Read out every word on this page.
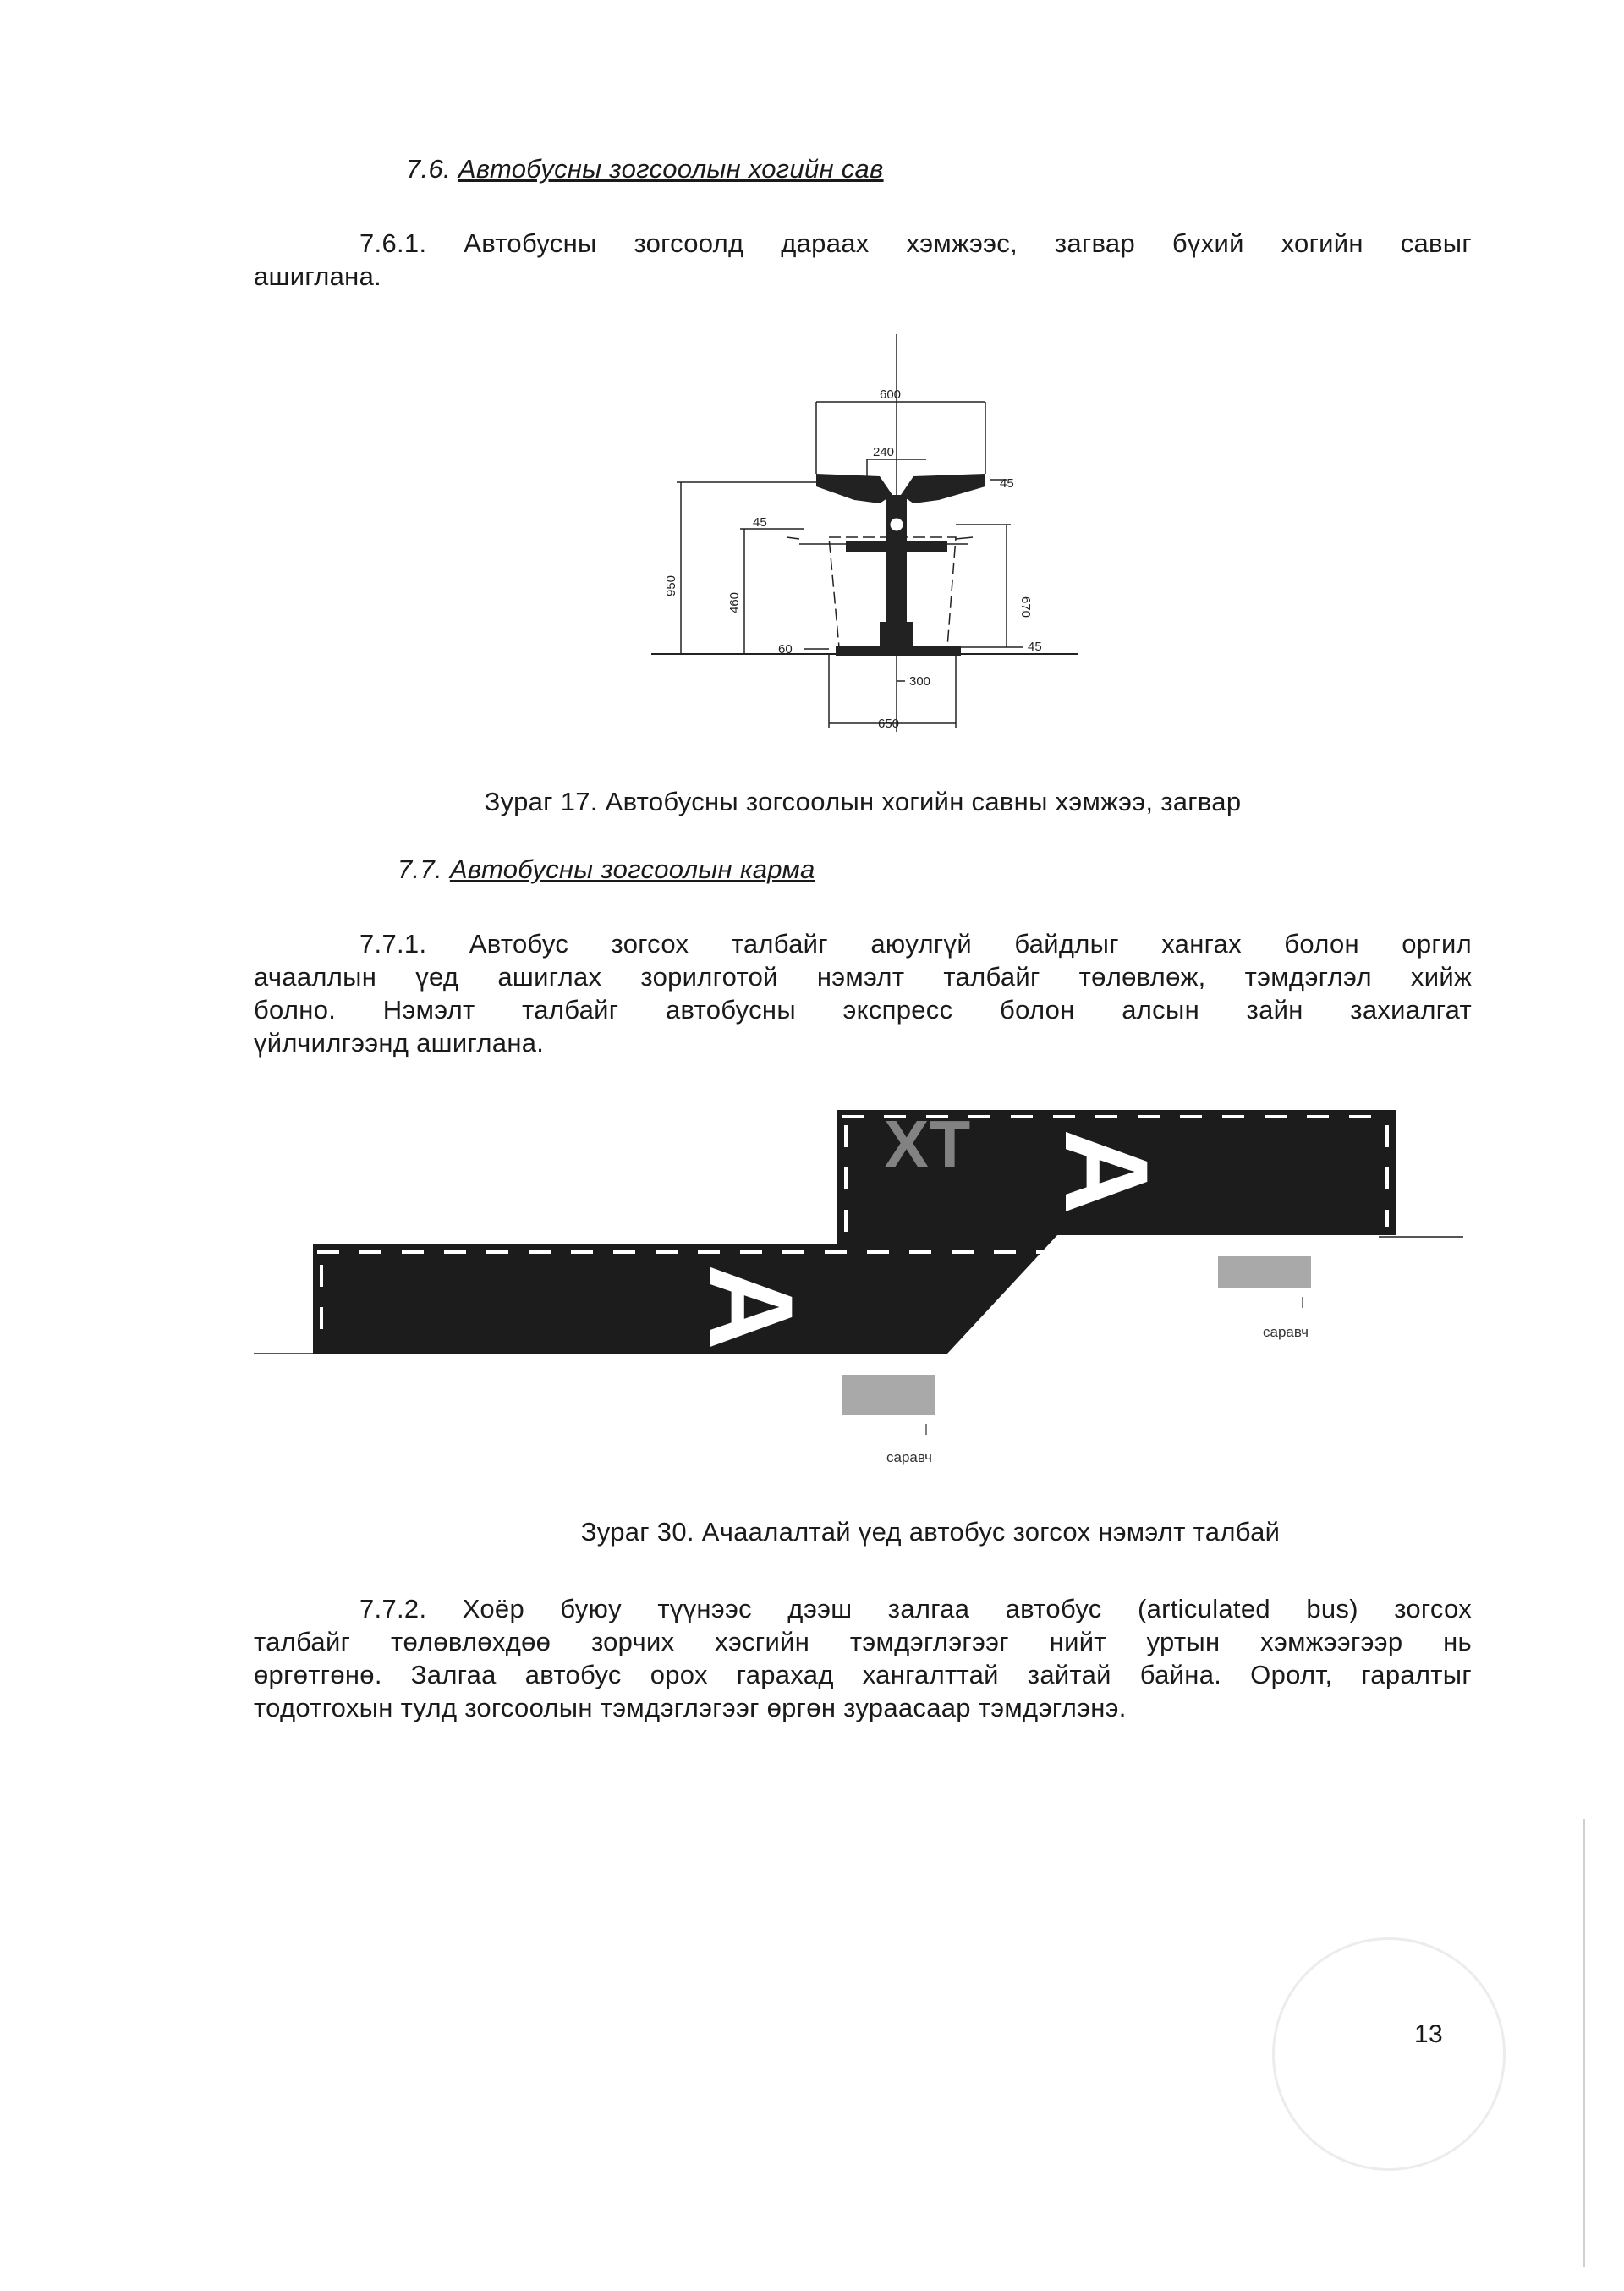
7.6. Автобусны зогсоолын хогийн сав
7.6.1. Автобусны зогсоолд дараах хэмжээс, загвар бүхий хогийн савыг
ашиглана.
600
240
45
45
45
950
460	670
60
300
650
Зураг 17. Автобусны зогсоолын хогийн савны хэмжээ, загвар
7.7. Автобусны зогсоолын карма
7.7.1. Автобус зогсох талбайг аюулгүй байдлыг хангах болон оргил
ачааллын үед ашиглах зорилготой нэмэлт талбайг төлөвлөж, тэмдэглэл хийж
болно. Нэмэлт талбайг автобусны экспресс болон алсын зайн захиалгат
үйлчилгээнд ашиглана.
A
A
XT
саравч
саравч
Зураг 30. Ачаалалтай үед автобус зогсох нэмэлт талбай
7.7.2. Хоёр буюу түүнээс дээш залгаа автобус (articulated bus) зогсох
талбайг төлөвлөхдөө зорчих хэсгийн тэмдэглэгээг нийт уртын хэмжээгээр нь
өргөтгөнө. Залгаа автобус орох гарахад хангалттай зайтай байна. Оролт, гаралтыг
тодотгохын тулд зогсоолын тэмдэглэгээг өргөн зураасаар тэмдэглэнэ.
13
